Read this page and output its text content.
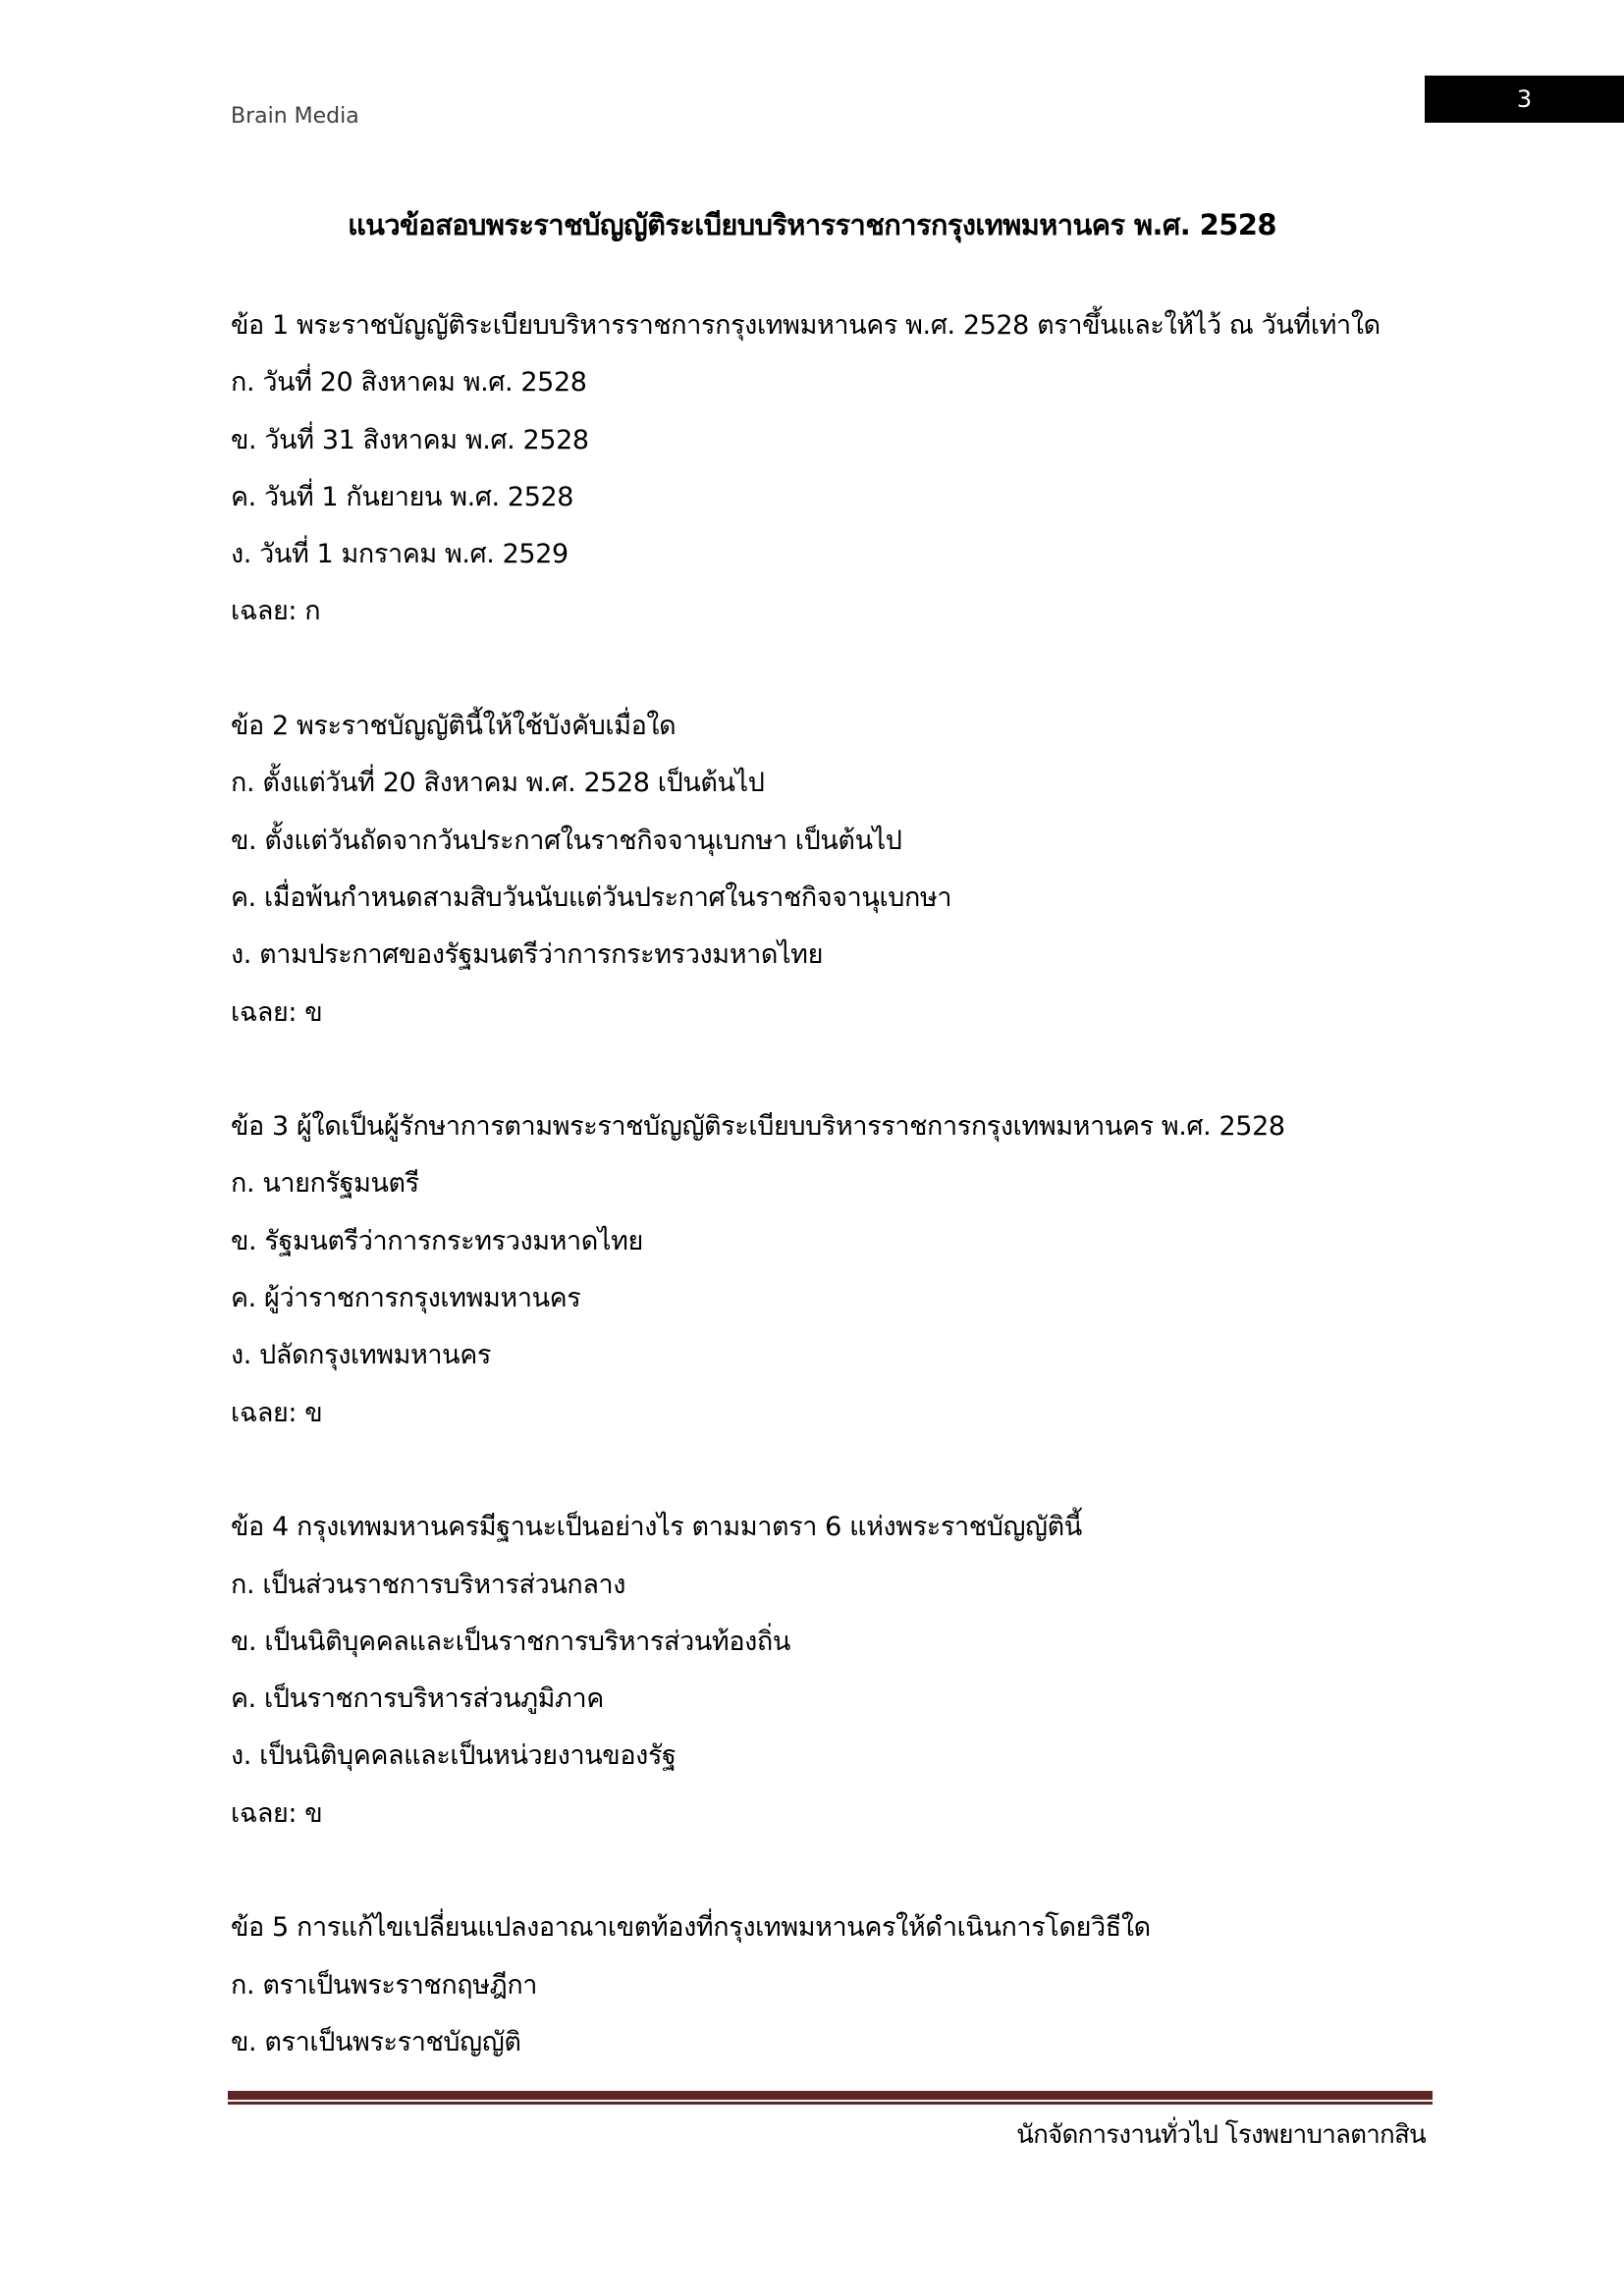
Brain Media
3
แนวข้อสอบพระราชบัญญัติระเบียบบริหารราชการกรุงเทพมหานคร พ.ศ. 2528
ข้อ 1 พระราชบัญญัติระเบียบบริหารราชการกรุงเทพมหานคร พ.ศ. 2528 ตราขึ้นและให้ไว้ ณ วันที่เท่าใด
ก. วันที่ 20 สิงหาคม พ.ศ. 2528
ข. วันที่ 31 สิงหาคม พ.ศ. 2528
ค. วันที่ 1 กันยายน พ.ศ. 2528
ง. วันที่ 1 มกราคม พ.ศ. 2529
เฉลย: ก
ข้อ 2 พระราชบัญญัตินี้ให้ใช้บังคับเมื่อใด
ก. ตั้งแต่วันที่ 20 สิงหาคม พ.ศ. 2528 เป็นต้นไป
ข. ตั้งแต่วันถัดจากวันประกาศในราชกิจจานุเบกษา เป็นต้นไป
ค. เมื่อพ้นกำหนดสามสิบวันนับแต่วันประกาศในราชกิจจานุเบกษา
ง. ตามประกาศของรัฐมนตรีว่าการกระทรวงมหาดไทย
เฉลย: ข
ข้อ 3 ผู้ใดเป็นผู้รักษาการตามพระราชบัญญัติระเบียบบริหารราชการกรุงเทพมหานคร พ.ศ. 2528
ก. นายกรัฐมนตรี
ข. รัฐมนตรีว่าการกระทรวงมหาดไทย
ค. ผู้ว่าราชการกรุงเทพมหานคร
ง. ปลัดกรุงเทพมหานคร
เฉลย: ข
ข้อ 4 กรุงเทพมหานครมีฐานะเป็นอย่างไร ตามมาตรา 6 แห่งพระราชบัญญัตินี้
ก. เป็นส่วนราชการบริหารส่วนกลาง
ข. เป็นนิติบุคคลและเป็นราชการบริหารส่วนท้องถิ่น
ค. เป็นราชการบริหารส่วนภูมิภาค
ง. เป็นนิติบุคคลและเป็นหน่วยงานของรัฐ
เฉลย: ข
ข้อ 5 การแก้ไขเปลี่ยนแปลงอาณาเขตท้องที่กรุงเทพมหานครให้ดำเนินการโดยวิธีใด
ก. ตราเป็นพระราชกฤษฎีกา
ข. ตราเป็นพระราชบัญญัติ
นักจัดการงานทั่วไป โรงพยาบาลตากสิน
